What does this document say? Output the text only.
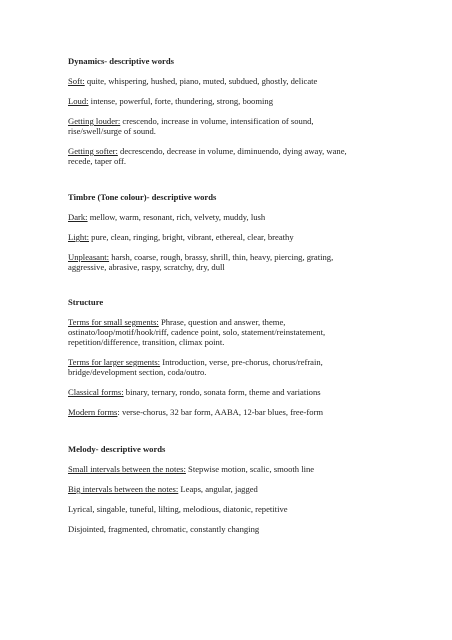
Dynamics- descriptive words
Soft: quite, whispering, hushed, piano, muted, subdued, ghostly, delicate
Loud: intense, powerful, forte, thundering, strong, booming
Getting louder: crescendo, increase in volume, intensification of sound,
rise/swell/surge of sound.
Getting softer: decrescendo, decrease in volume, diminuendo, dying away, wane,
recede, taper off.
Timbre (Tone colour)- descriptive words
Dark: mellow, warm, resonant, rich, velvety, muddy, lush
Light: pure, clean, ringing, bright, vibrant, ethereal, clear, breathy
Unpleasant: harsh, coarse, rough, brassy, shrill, thin, heavy, piercing, grating,
aggressive, abrasive, raspy, scratchy, dry, dull
Structure
Terms for small segments: Phrase, question and answer, theme,
ostinato/loop/motif/hook/riff, cadence point, solo, statement/reinstatement,
repetition/difference, transition, climax point.
Terms for larger segments: Introduction, verse, pre-chorus, chorus/refrain,
bridge/development section, coda/outro.
Classical forms: binary, ternary, rondo, sonata form, theme and variations
Modern forms: verse-chorus, 32 bar form, AABA, 12-bar blues, free-form
Melody- descriptive words
Small intervals between the notes: Stepwise motion, scalic, smooth line
Big intervals between the notes: Leaps, angular, jagged
Lyrical, singable, tuneful, lilting, melodious, diatonic, repetitive
Disjointed, fragmented, chromatic, constantly changing
